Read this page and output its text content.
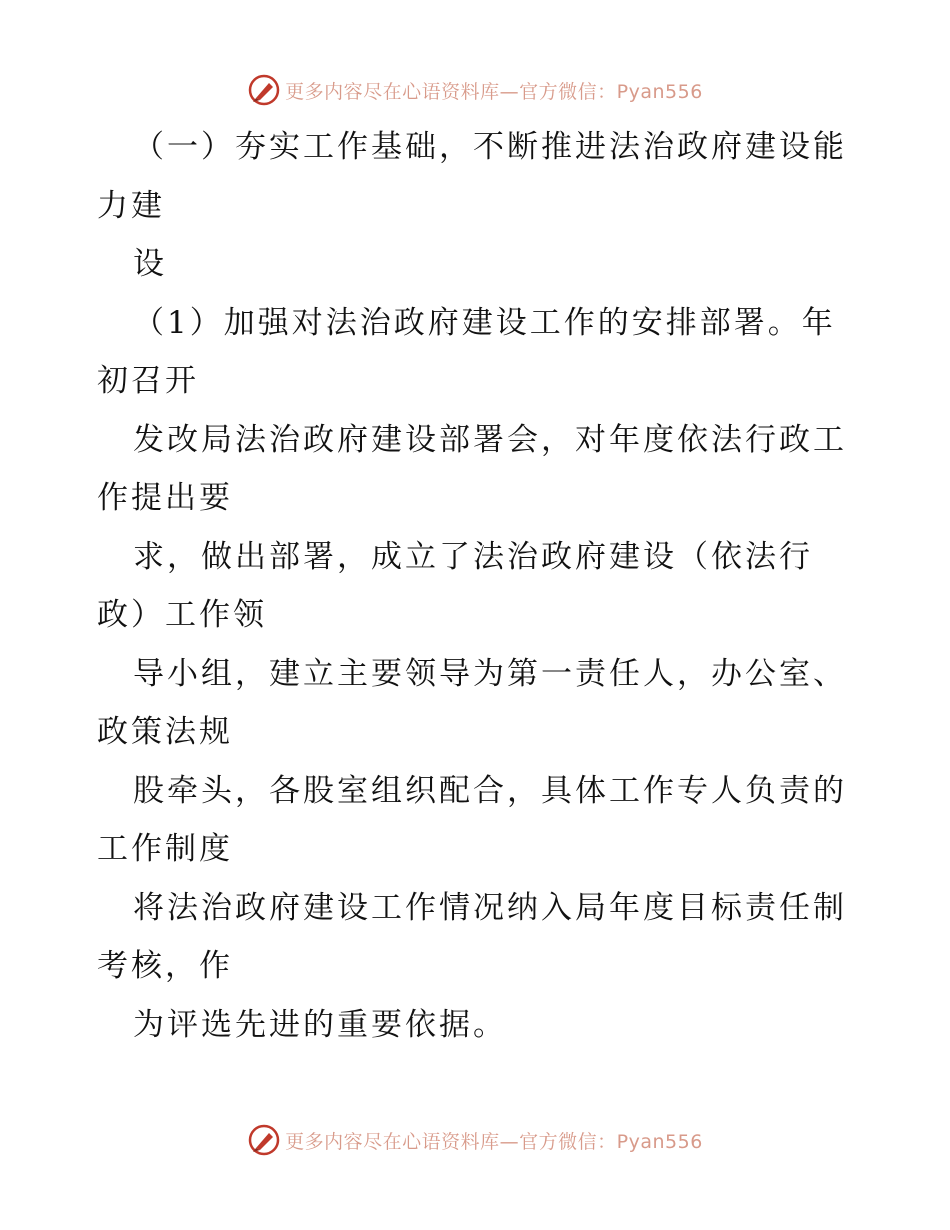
更多内容尽在心语资料库—官方微信：Pyan556
（一）夯实工作基础，不断推进法治政府建设能
力建
设
（1）加强对法治政府建设工作的安排部署。年
初召开
发改局法治政府建设部署会，对年度依法行政工
作提出要
求，做出部署，成立了法治政府建设（依法行
政）工作领
导小组，建立主要领导为第一责任人，办公室、
政策法规
股牵头，各股室组织配合，具体工作专人负责的
工作制度
将法治政府建设工作情况纳入局年度目标责任制
考核，作
为评选先进的重要依据。
更多内容尽在心语资料库—官方微信：Pyan556
